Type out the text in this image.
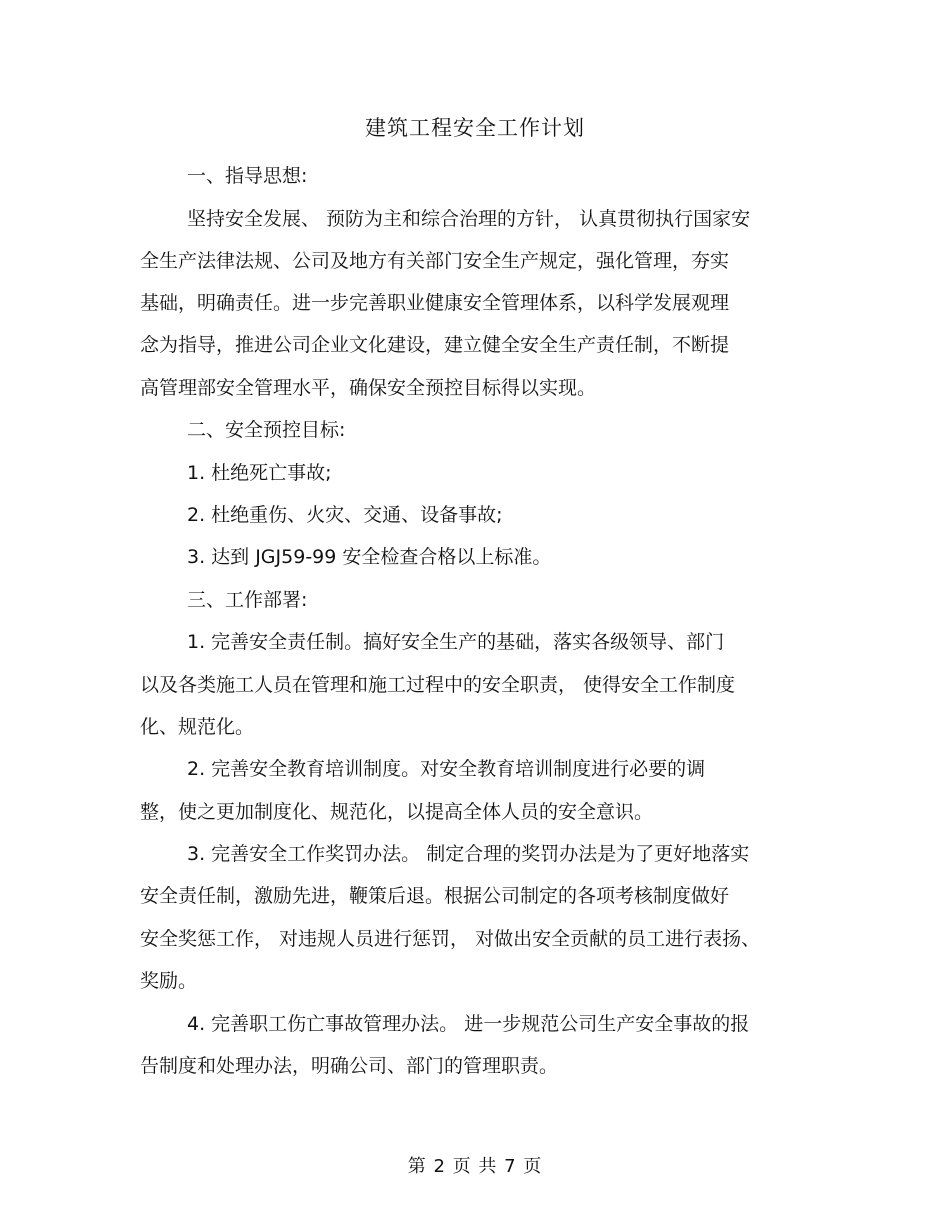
建筑工程安全工作计划
一、指导思想:
坚持安全发展、 预防为主和综合治理的方针， 认真贯彻执行国家安
全生产法律法规、公司及地方有关部门安全生产规定，强化管理，夯实
基础，明确责任。进一步完善职业健康安全管理体系，以科学发展观理
念为指导，推进公司企业文化建设，建立健全安全生产责任制，不断提
高管理部安全管理水平，确保安全预控目标得以实现。
二、安全预控目标:
1. 杜绝死亡事故;
2. 杜绝重伤、火灾、交通、设备事故;
3. 达到 JGJ59-99 安全检查合格以上标准。
三、工作部署:
1. 完善安全责任制。搞好安全生产的基础，落实各级领导、部门
以及各类施工人员在管理和施工过程中的安全职责， 使得安全工作制度
化、规范化。
2. 完善安全教育培训制度。对安全教育培训制度进行必要的调
整，使之更加制度化、规范化，以提高全体人员的安全意识。
3. 完善安全工作奖罚办法。 制定合理的奖罚办法是为了更好地落实
安全责任制，激励先进，鞭策后退。根据公司制定的各项考核制度做好
安全奖惩工作， 对违规人员进行惩罚， 对做出安全贡献的员工进行表扬、
奖励。
4. 完善职工伤亡事故管理办法。 进一步规范公司生产安全事故的报
告制度和处理办法，明确公司、部门的管理职责。
第 2 页 共 7 页
